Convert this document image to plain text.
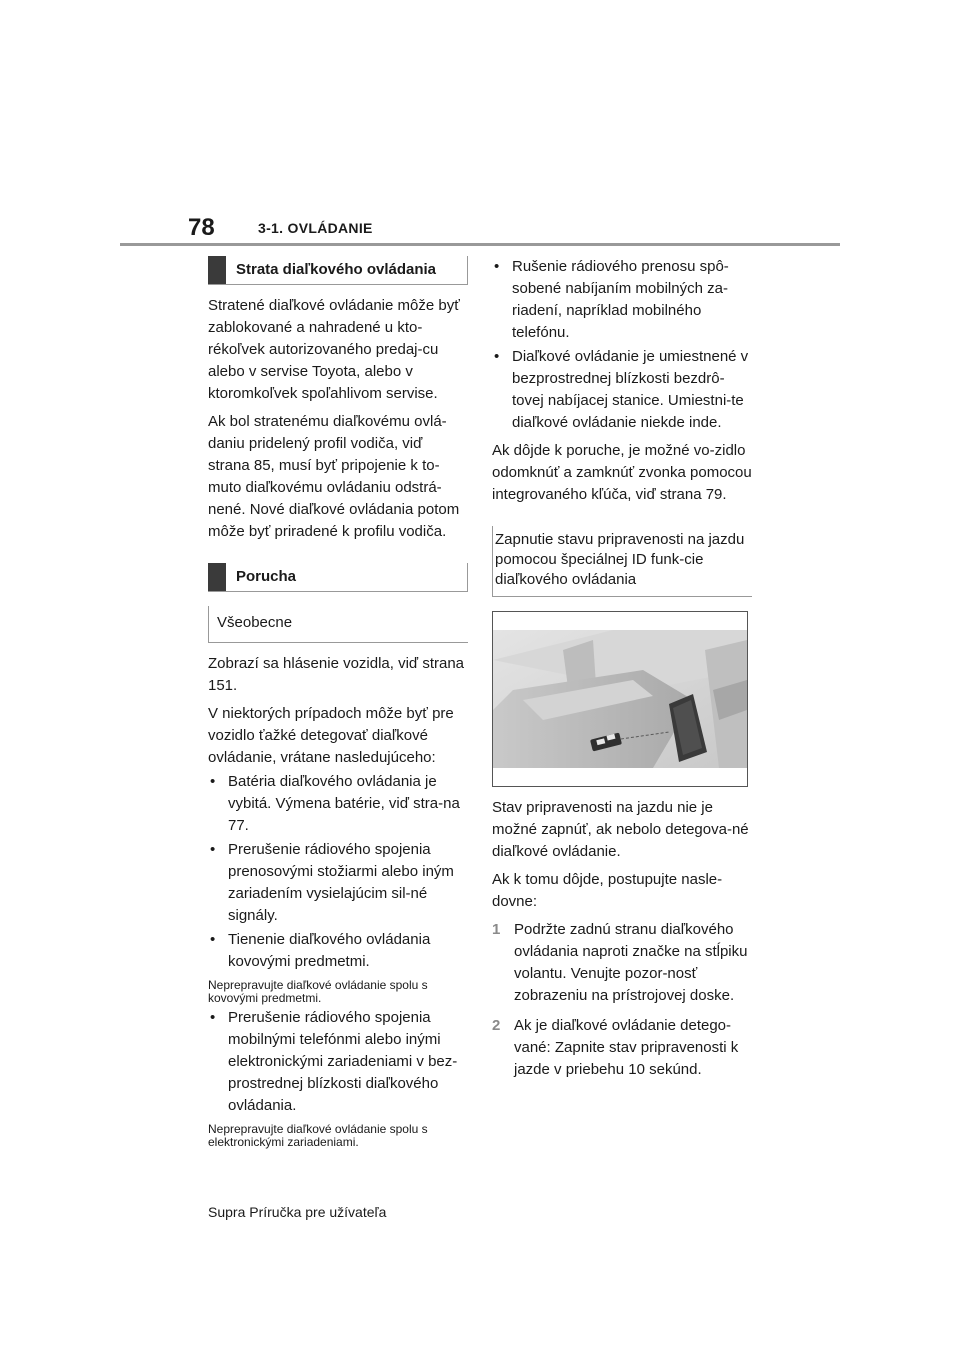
78	3-1. OVLÁDANIE
Strata diaľkového ovládania

Stratené diaľkové ovládanie môže byť zablokované a nahradené u kto-rékoľvek autorizovaného predaj-cu alebo v servise Toyota, alebo v ktoromkoľvek spoľahlivom servise.

Ak bol stratenému diaľkovému ovlá-daniu pridelený profil vodiča, viď strana 85, musí byť pripojenie k to-muto diaľkovému ovládaniu odstrá-nené. Nové diaľkové ovládania potom môže byť priradené k profilu vodiča.

Porucha
Všeobecne

Zobrazí sa hlásenie vozidla, viď strana 151.

V niektorých prípadoch môže byť pre vozidlo ťažké detegovať diaľkové ovládanie, vrátane nasledujúceho:

• Batéria diaľkového ovládania je vybitá. Výmena batérie, viď stra-na 77.
• Prerušenie rádiového spojenia prenosovými stožiarmi alebo iným zariadením vysielajúcim sil-né signály.
• Tienenie diaľkového ovládania kovovými predmetmi.

Neprepravujte diaľkové ovládanie spolu s kovovými predmetmi.

• Prerušenie rádiového spojenia mobilnými telefónmi alebo inými elektronickými zariadeniami v bez-prostrednej blízkosti diaľkového ovládania.

Neprepravujte diaľkové ovládanie spolu s elektronickými zariadeniami.

• Rušenie rádiového prenosu spô-sobené nabíjaním mobilných za-riadení, napríklad mobilného telefónu.
• Diaľkové ovládanie je umiestnené v bezprostrednej blízkosti bezdrô-tovej nabíjacej stanice. Umiestni-te diaľkové ovládanie niekde inde.

Ak dôjde k poruche, je možné vo-zidlo odomknúť a zamknúť zvonka pomocou integrovaného kľúča, viď strana 79.

Zapnutie stavu pripravenosti na jazdu pomocou špeciálnej ID funk-cie diaľkového ovládania

Stav pripravenosti na jazdu nie je možné zapnúť, ak nebolo detegova-né diaľkové ovládanie.

Ak k tomu dôjde, postupujte nasle-dovne:

1 Podržte zadnú stranu diaľkového ovládania naproti značke na stĺpiku volantu. Venujte pozor-nosť zobrazeniu na prístrojovej doske.
2 Ak je diaľkové ovládanie detego-vané: Zapnite stav pripravenosti k jazde v priebehu 10 sekúnd.
Supra Príručka pre užívateľa
